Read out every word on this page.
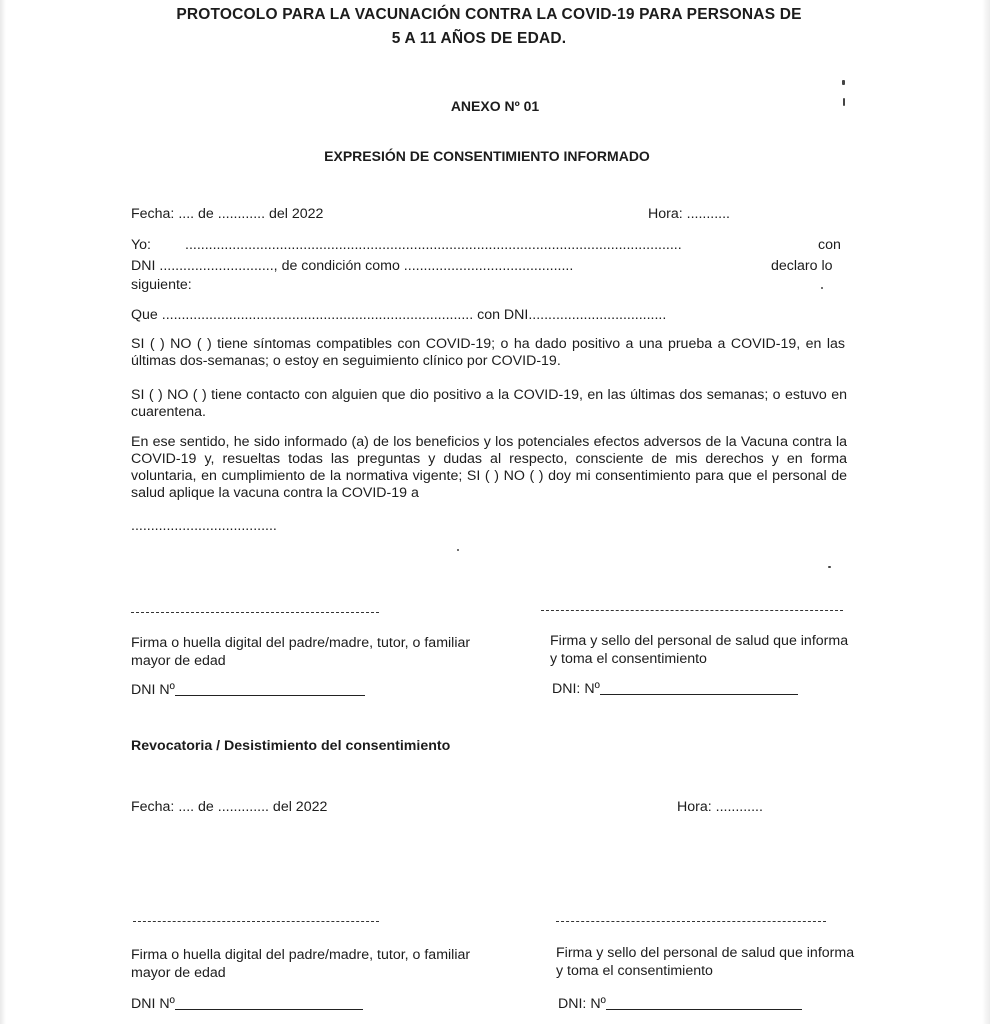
PROTOCOLO PARA LA VACUNACIÓN CONTRA LA COVID-19 PARA PERSONAS DE
5 A 11 AÑOS DE EDAD.
ANEXO Nº 01
EXPRESIÓN DE CONSENTIMIENTO INFORMADO
Fecha: .... de ............ del 2022	Hora: ...........
Yo: ..............................................................................................................................	con
DNI ............................., de condición como ...........................................	declaro lo
siguiente:
Que ............................................................................... con DNI...................................
SI ( ) NO ( ) tiene síntomas compatibles con COVID-19; o ha dado positivo a una prueba a COVID-19, en las últimas dos-semanas; o estoy en seguimiento clínico por COVID-19.
SI ( ) NO ( ) tiene contacto con alguien que dio positivo a la COVID-19, en las últimas dos semanas; o estuvo en cuarentena.
En ese sentido, he sido informado (a) de los beneficios y los potenciales efectos adversos de la Vacuna contra la COVID-19 y, resueltas todas las preguntas y dudas al respecto, consciente de mis derechos y en forma voluntaria, en cumplimiento de la normativa vigente; SI ( ) NO ( ) doy mi consentimiento para que el personal de salud aplique la vacuna contra la COVID-19 a
.....................................
Firma o huella digital del padre/madre, tutor, o familiar mayor de edad
Firma y sello del personal de salud que informa y toma el consentimiento
DNI Nº	DNI: Nº
Revocatoria / Desistimiento del consentimiento
Fecha: .... de ............. del 2022	Hora: ............
Firma o huella digital del padre/madre, tutor, o familiar mayor de edad
Firma y sello del personal de salud que informa y toma el consentimiento
DNI Nº	DNI: Nº
